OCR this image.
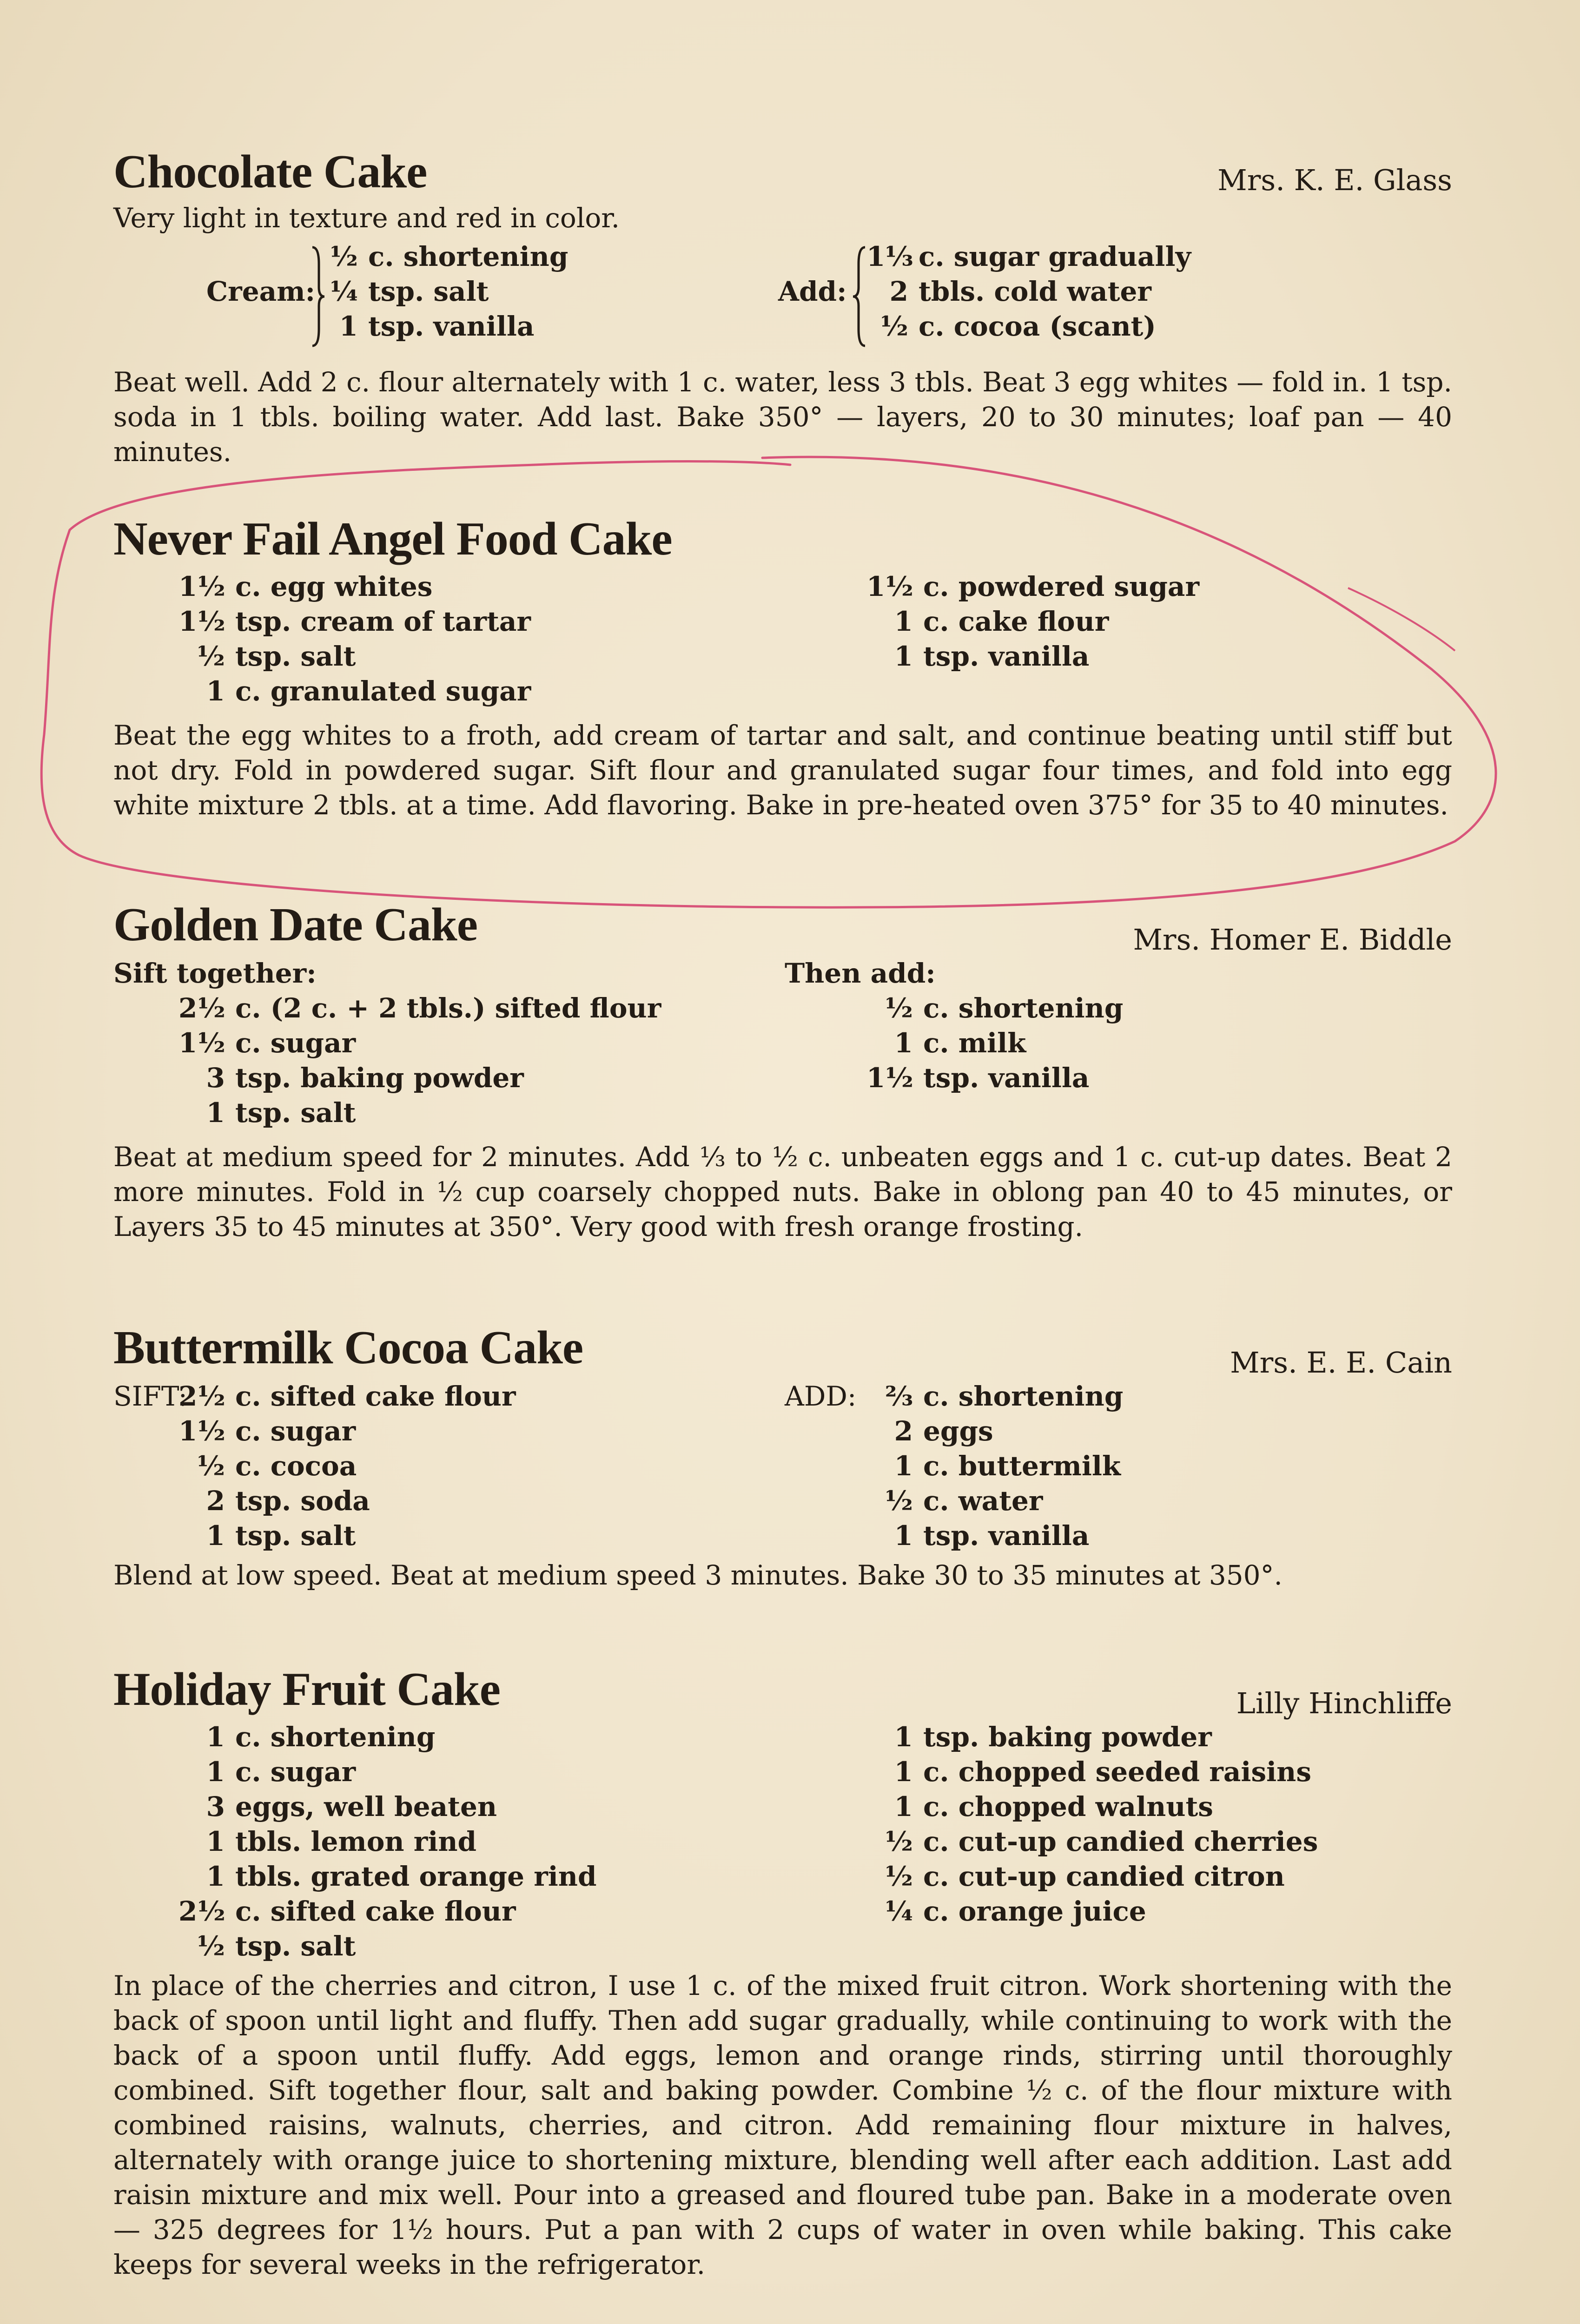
Chocolate Cake	Mrs. K. E. Glass
Very light in texture and red in color.
Cream:
½ c. shortening
¼ tsp. salt
1 tsp. vanilla
Add:
1⅓ c. sugar gradually
2 tbls. cold water
½ c. cocoa (scant)
Beat well. Add 2 c. flour alternately with 1 c. water, less 3 tbls. Beat 3 egg whites — fold in. 1 tsp. soda in 1 tbls. boiling water. Add last. Bake 350° — layers, 20 to 30 minutes; loaf pan — 40 minutes.
Never Fail Angel Food Cake
1½ c. egg whites
1½ tsp. cream of tartar
½ tsp. salt
1 c. granulated sugar
1½ c. powdered sugar
1 c. cake flour
1 tsp. vanilla
Beat the egg whites to a froth, add cream of tartar and salt, and continue beating until stiff but not dry. Fold in powdered sugar. Sift flour and granulated sugar four times, and fold into egg white mixture 2 tbls. at a time. Add flavoring. Bake in pre-heated oven 375° for 35 to 40 minutes.
Golden Date Cake	Mrs. Homer E. Biddle
Sift together:	Then add:
2½ c. (2 c. + 2 tbls.) sifted flour
1½ c. sugar
3 tsp. baking powder
1 tsp. salt
½ c. shortening
1 c. milk
1½ tsp. vanilla
Beat at medium speed for 2 minutes. Add ⅓ to ½ c. unbeaten eggs and 1 c. cut-up dates. Beat 2 more minutes. Fold in ½ cup coarsely chopped nuts. Bake in oblong pan 40 to 45 minutes, or Layers 35 to 45 minutes at 350°. Very good with fresh orange frosting.
Buttermilk Cocoa Cake	Mrs. E. E. Cain
SIFT:
2½ c. sifted cake flour
1½ c. sugar
½ c. cocoa
2 tsp. soda
1 tsp. salt
ADD:	⅔ c. shortening
2 eggs
1 c. buttermilk
½ c. water
1 tsp. vanilla
Blend at low speed. Beat at medium speed 3 minutes. Bake 30 to 35 minutes at 350°.
Holiday Fruit Cake	Lilly Hinchliffe
1 c. shortening
1 c. sugar
3 eggs, well beaten
1 tbls. lemon rind
1 tbls. grated orange rind
2½ c. sifted cake flour
½ tsp. salt
1 tsp. baking powder
1 c. chopped seeded raisins
1 c. chopped walnuts
½ c. cut-up candied cherries
½ c. cut-up candied citron
¼ c. orange juice
In place of the cherries and citron, I use 1 c. of the mixed fruit citron. Work shortening with the back of spoon until light and fluffy. Then add sugar gradually, while continuing to work with the back of a spoon until fluffy. Add eggs, lemon and orange rinds, stirring until thoroughly combined. Sift together flour, salt and baking powder. Combine ½ c. of the flour mixture with combined raisins, walnuts, cherries, and citron. Add remaining flour mixture in halves, alternately with orange juice to shortening mixture, blending well after each addition. Last add raisin mixture and mix well. Pour into a greased and floured tube pan. Bake in a moderate oven — 325 degrees for 1½ hours. Put a pan with 2 cups of water in oven while baking. This cake keeps for several weeks in the refrigerator.
